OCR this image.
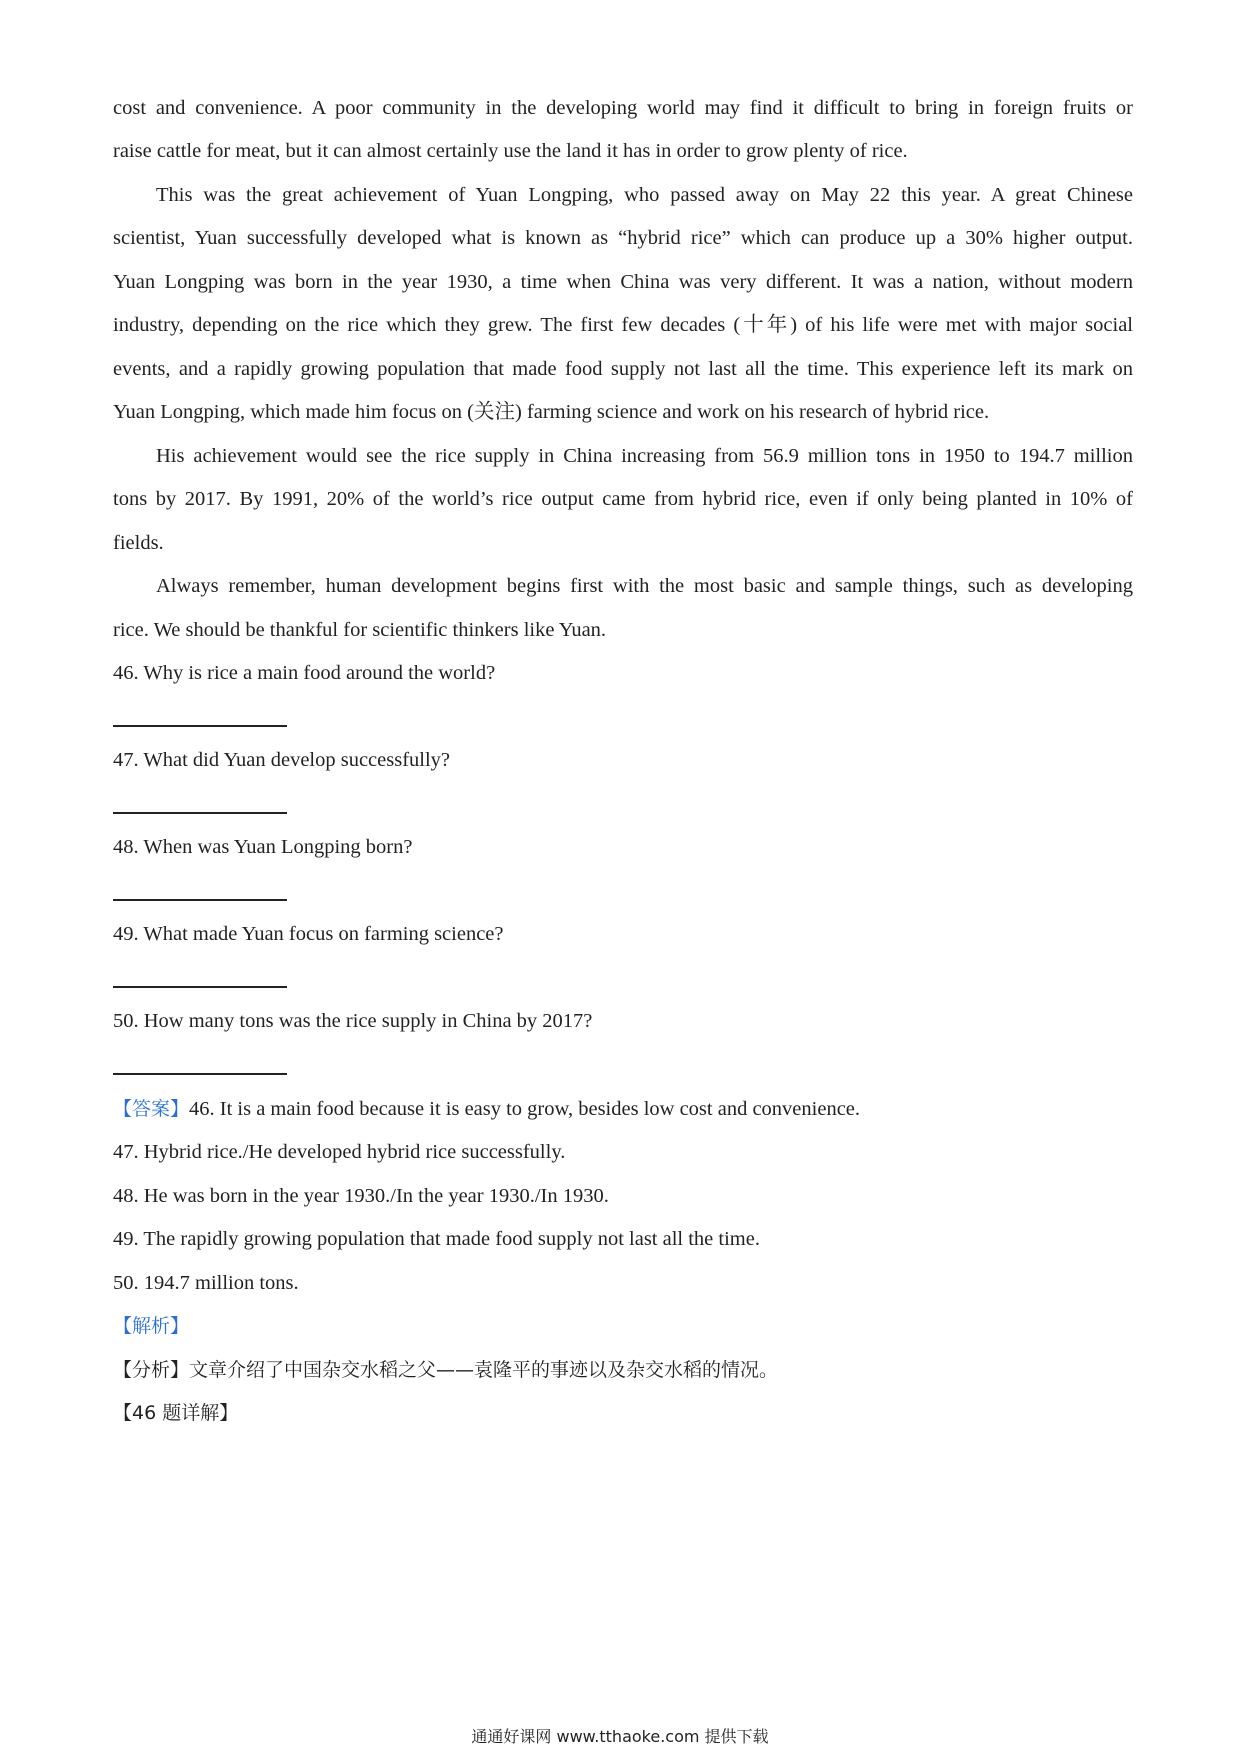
cost and convenience. A poor community in the developing world may find it difficult to bring in foreign fruits or
raise cattle for meat, but it can almost certainly use the land it has in order to grow plenty of rice.
This was the great achievement of Yuan Longping, who passed away on May 22 this year. A great Chinese
scientist, Yuan successfully developed what is known as “hybrid rice” which can produce up a 30% higher output.
Yuan Longping was born in the year 1930, a time when China was very different. It was a nation, without modern
industry, depending on the rice which they grew. The first few decades (十年) of his life were met with major social
events, and a rapidly growing population that made food supply not last all the time. This experience left its mark on
Yuan Longping, which made him focus on (关注) farming science and work on his research of hybrid rice.
His achievement would see the rice supply in China increasing from 56.9 million tons in 1950 to 194.7 million
tons by 2017. By 1991, 20% of the world’s rice output came from hybrid rice, even if only being planted in 10% of
fields.
Always remember, human development begins first with the most basic and sample things, such as developing
rice. We should be thankful for scientific thinkers like Yuan.
46. Why is rice a main food around the world?
47. What did Yuan develop successfully?
48. When was Yuan Longping born?
49. What made Yuan focus on farming science?
50. How many tons was the rice supply in China by 2017?
【答案】46. It is a main food because it is easy to grow, besides low cost and convenience.
47. Hybrid rice./He developed hybrid rice successfully.
48. He was born in the year 1930./In the year 1930./In 1930.
49. The rapidly growing population that made food supply not last all the time.
50. 194.7 million tons.
【解析】
【分析】文章介绍了中国杂交水稻之父——袁隆平的事迹以及杂交水稻的情况。
【46 题详解】
通通好课网 www.tthaoke.com 提供下载
